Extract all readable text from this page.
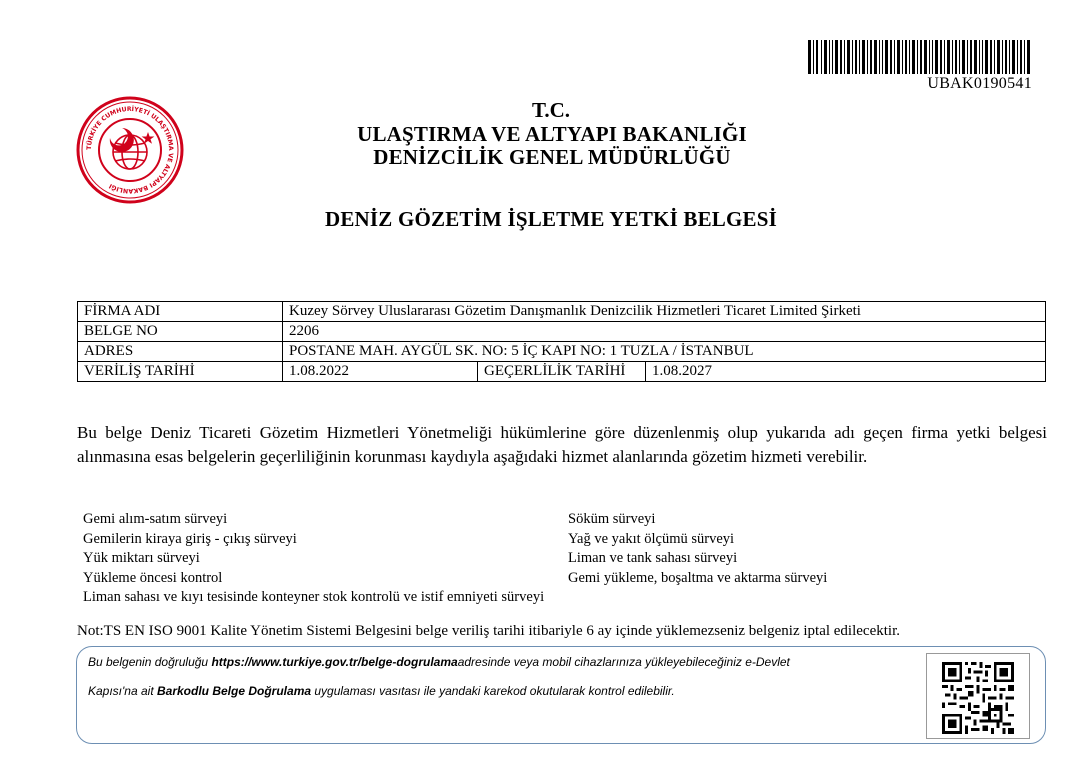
UBAK0190541
TÜRKİYE CUMHURİYETİ ULAŞTIRMA VE ALTYAPI BAKANLIĞI
T.C.
ULAŞTIRMA VE ALTYAPI BAKANLIĞI
DENİZCİLİK GENEL MÜDÜRLÜĞÜ
DENİZ GÖZETİM İŞLETME YETKİ BELGESİ
FİRMA ADI	Kuzey Sörvey Uluslararası Gözetim Danışmanlık Denizcilik Hizmetleri Ticaret Limited Şirketi		
BELGE NO	2206		
ADRES	POSTANE MAH. AYGÜL SK. NO: 5 İÇ KAPI NO: 1 TUZLA / İSTANBUL		
VERİLİŞ TARİHİ	1.08.2022	GEÇERLİLİK TARİHİ	1.08.2027
Bu belge Deniz Ticareti Gözetim Hizmetleri Yönetmeliği hükümlerine göre düzenlenmiş olup yukarıda adı geçen firma yetki belgesi alınmasına esas belgelerin geçerliliğinin korunması kaydıyla aşağıdaki hizmet alanlarında gözetim hizmeti verebilir.
Gemi alım-satım sürveyi
Gemilerin kiraya giriş - çıkış sürveyi
Yük miktarı sürveyi
Yükleme öncesi kontrol
Liman sahası ve kıyı tesisinde konteyner stok kontrolü ve istif emniyeti sürveyi
Söküm sürveyi
Yağ ve yakıt ölçümü sürveyi
Liman ve tank sahası sürveyi
Gemi yükleme, boşaltma ve aktarma sürveyi
Not:TS EN ISO 9001 Kalite Yönetim Sistemi Belgesini belge veriliş tarihi itibariyle 6 ay içinde yüklemezseniz belgeniz iptal edilecektir.
Bu belgenin doğruluğu https://www.turkiye.gov.tr/belge-dogrulamaadresinde veya mobil cihazlarınıza yükleyebileceğiniz e-Devlet
Kapısı'na ait Barkodlu Belge Doğrulama uygulaması vasıtası ile yandaki karekod okutularak kontrol edilebilir.
